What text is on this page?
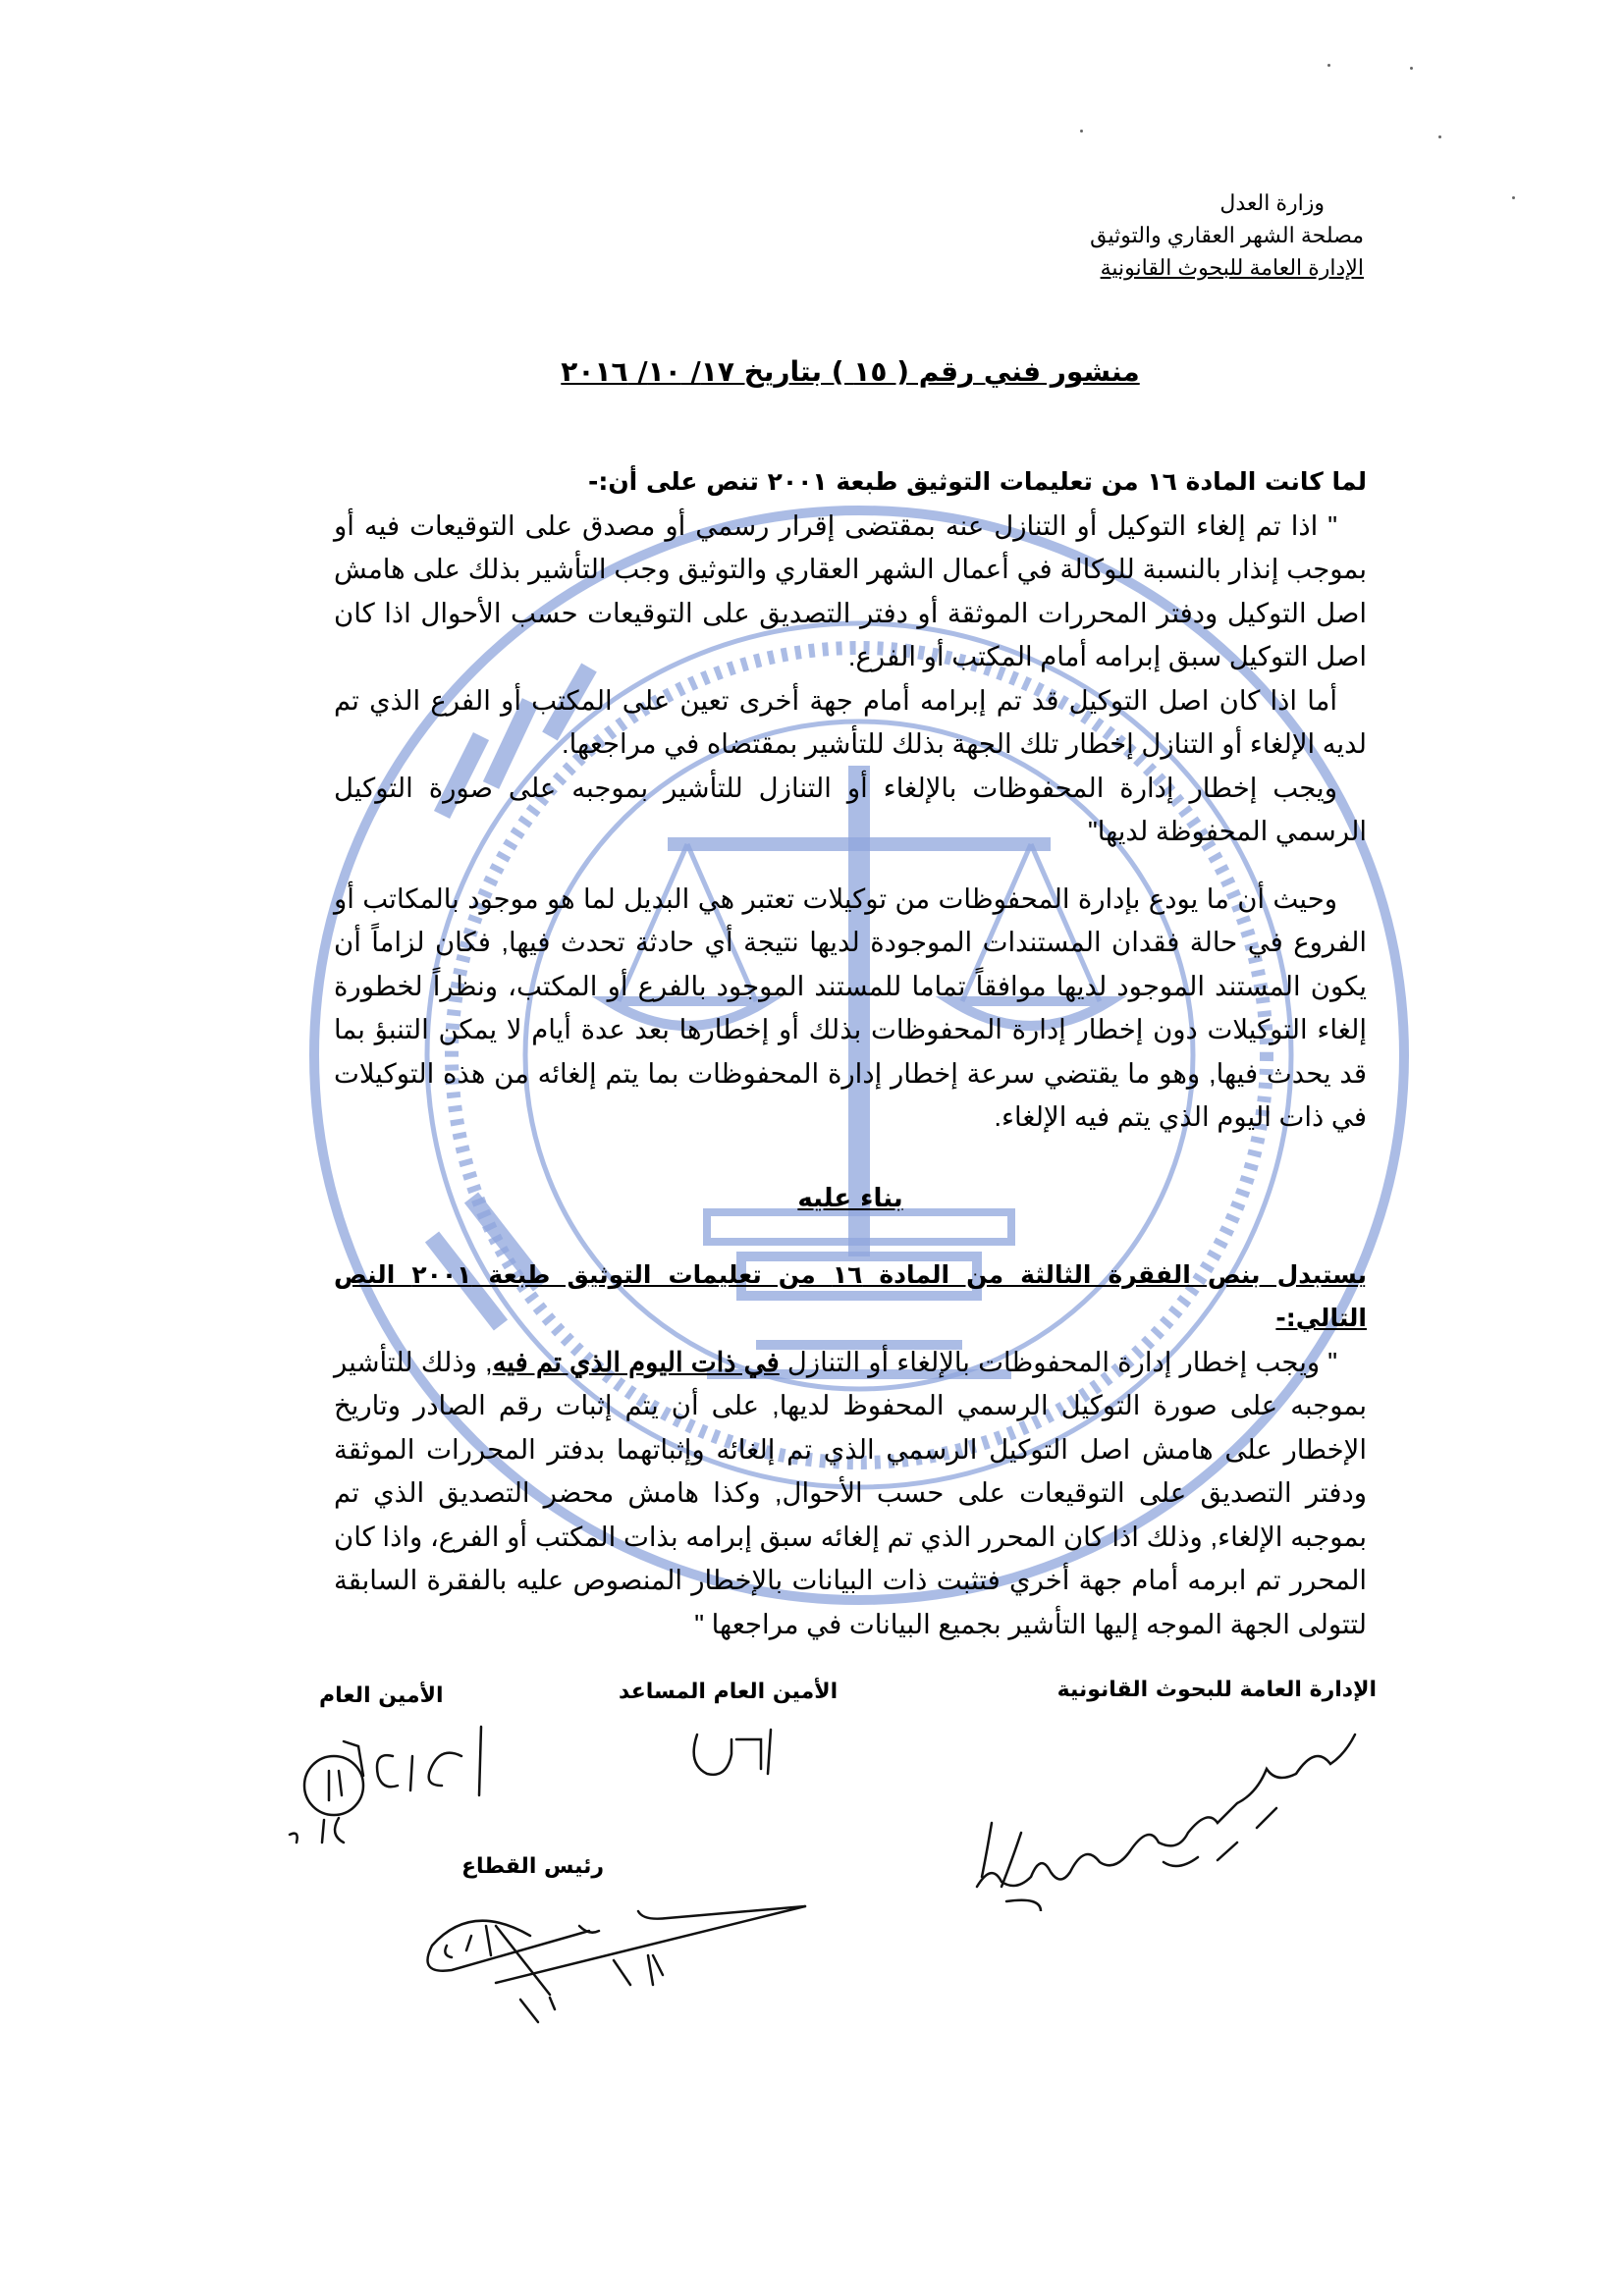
وزارة العدل
مصلحة الشهر العقاري والتوثيق
الإدارة العامة للبحوث القانونية
منشور فني رقم ( ١٥ ) بتاريخ ١٧/ ١٠/ ٢٠١٦

لما كانت المادة ١٦ من تعليمات التوثيق طبعة ٢٠٠١ تنص على أن:-

" اذا تم إلغاء التوكيل أو التنازل عنه بمقتضى إقرار رسمي أو مصدق على التوقيعات فيه أو بموجب إنذار بالنسبة للوكالة في أعمال الشهر العقاري والتوثيق وجب التأشير بذلك على هامش اصل التوكيل ودفتر المحررات الموثقة أو دفتر التصديق على التوقيعات حسب الأحوال اذا كان اصل التوكيل سبق إبرامه أمام المكتب أو الفرع.

أما اذا كان اصل التوكيل قد تم إبرامه أمام جهة أخرى تعين على المكتب أو الفرع الذي تم لديه الإلغاء أو التنازل إخطار تلك الجهة بذلك للتأشير بمقتضاه في مراجعها.

ويجب إخطار إدارة المحفوظات بالإلغاء أو التنازل للتأشير بموجبه على صورة التوكيل الرسمي المحفوظة لديها"

وحيث أن ما يودع بإدارة المحفوظات من توكيلات تعتبر هي البديل لما هو موجود بالمكاتب أو الفروع في حالة فقدان المستندات الموجودة لديها نتيجة أي حادثة تحدث فيها, فكان لزاماً أن يكون المستند الموجود لديها موافقاً تماما للمستند الموجود بالفرع أو المكتب، ونظراً لخطورة إلغاء التوكيلات دون إخطار إدارة المحفوظات بذلك أو إخطارها بعد عدة أيام لا يمكن التنبؤ بما قد يحدث فيها, وهو ما يقتضي سرعة إخطار إدارة المحفوظات بما يتم إلغائه من هذه التوكيلات في ذات اليوم الذي يتم فيه الإلغاء.

بناء عليه

يستبدل بنص الفقرة الثالثة من المادة ١٦ من تعليمات التوثيق طبعة ٢٠٠١ النص التالي:-

" ويجب إخطار إدارة المحفوظات بالإلغاء أو التنازل في ذات اليوم الذي تم فيه, وذلك للتأشير بموجبه على صورة التوكيل الرسمي المحفوظ لديها, على أن يتم إثبات رقم الصادر وتاريخ الإخطار على هامش اصل التوكيل الرسمي الذي تم إلغائه وإثباتهما بدفتر المحررات الموثقة ودفتر التصديق على التوقيعات على حسب الأحوال, وكذا هامش محضر التصديق الذي تم بموجبه الإلغاء, وذلك اذا كان المحرر الذي تم إلغائه سبق إبرامه بذات المكتب أو الفرع، واذا كان المحرر تم ابرمه أمام جهة أخري فتثبت ذات البيانات بالإخطار المنصوص عليه بالفقرة السابقة لتتولى الجهة الموجه إليها التأشير بجميع البيانات في مراجعها "

الإدارة العامة للبحوث القانونية
الأمين العام المساعد
الأمين العام
رئيس القطاع
